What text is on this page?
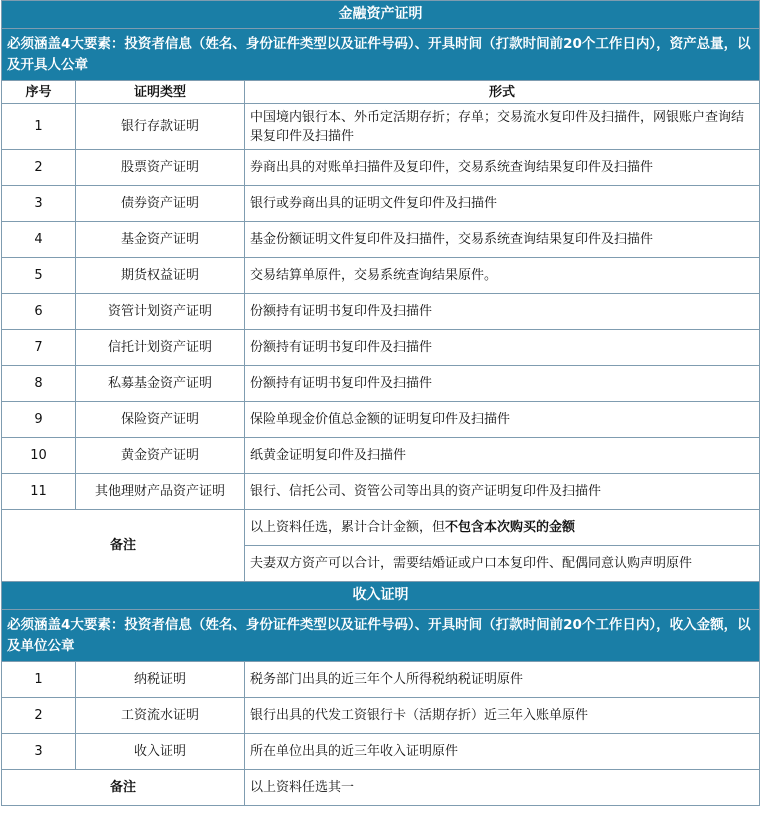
金融资产证明		
必须涵盖4大要素：投资者信息（姓名、身份证件类型以及证件号码）、开具时间（打款时间前20个工作日内），资产总量，以及开具人公章		
序号	证明类型	形式
1	银行存款证明	中国境内银行本、外币定活期存折；存单；交易流水复印件及扫描件，网银账户查询结果复印件及扫描件
2	股票资产证明	券商出具的对账单扫描件及复印件，交易系统查询结果复印件及扫描件
3	债券资产证明	银行或券商出具的证明文件复印件及扫描件
4	基金资产证明	基金份额证明文件复印件及扫描件，交易系统查询结果复印件及扫描件
5	期货权益证明	交易结算单原件，交易系统查询结果原件。
6	资管计划资产证明	份额持有证明书复印件及扫描件
7	信托计划资产证明	份额持有证明书复印件及扫描件
8	私募基金资产证明	份额持有证明书复印件及扫描件
9	保险资产证明	保险单现金价值总金额的证明复印件及扫描件
10	黄金资产证明	纸黄金证明复印件及扫描件
11	其他理财产品资产证明	银行、信托公司、资管公司等出具的资产证明复印件及扫描件
备注		以上资料任选，累计合计金额，但不包含本次购买的金额
		夫妻双方资产可以合计，需要结婚证或户口本复印件、配偶同意认购声明原件
收入证明		
必须涵盖4大要素：投资者信息（姓名、身份证件类型以及证件号码）、开具时间（打款时间前20个工作日内），收入金额，以及单位公章		
1	纳税证明	税务部门出具的近三年个人所得税纳税证明原件
2	工资流水证明	银行出具的代发工资银行卡（活期存折）近三年入账单原件
3	收入证明	所在单位出具的近三年收入证明原件
备注		以上资料任选其一
